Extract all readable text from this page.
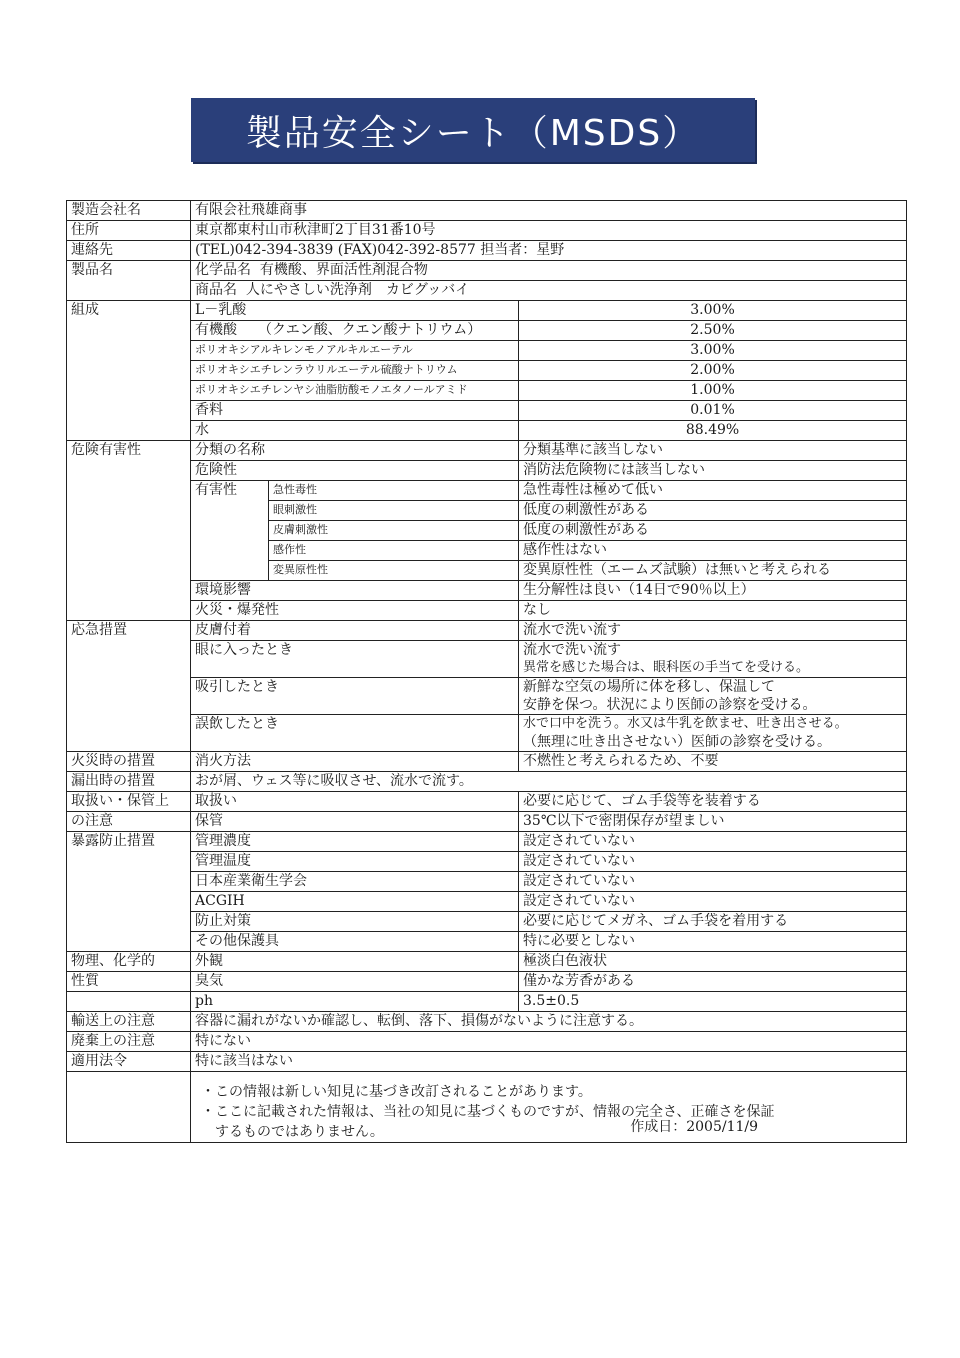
製品安全シート（MSDS）
製造会社名	有限会社飛雄商事		
住所	東京都東村山市秋津町2丁目31番10号		
連絡先	(TEL)042-394-3839 (FAX)042-392-8577 担当者：星野		
製品名	化学品名 有機酸、界面活性剤混合物		
	商品名 人にやさしい洗浄剤　カビグッバイ		
組成	L－乳酸		3.00%
	有機酸　　（クエン酸、クエン酸ナトリウム）		2.50%
	ポリオキシアルキレンモノアルキルエーテル		3.00%
	ポリオキシエチレンラウリルエーテル硫酸ナトリウム		2.00%
	ポリオキシエチレンヤシ油脂肪酸モノエタノールアミド		1.00%
	香料		0.01%
	水		88.49%
危険有害性	分類の名称		分類基準に該当しない
	危険性		消防法危険物には該当しない
	有害性	急性毒性	急性毒性は極めて低い
		眼刺激性	低度の刺激性がある
		皮膚刺激性	低度の刺激性がある
		感作性	感作性はない
		変異原性性	変異原性性（エームズ試験）は無いと考えられる
	環境影響		生分解性は良い（14日で90％以上）
	火災・爆発性		なし
応急措置	皮膚付着		流水で洗い流す
	眼に入ったとき		流水で洗い流す
異常を感じた場合は、眼科医の手当てを受ける。

	吸引したとき		新鮮な空気の場所に体を移し、保温して
安静を保つ。状況により医師の診察を受ける。

	誤飲したとき		水で口中を洗う。水又は牛乳を飲ませ、吐き出させる。
（無理に吐き出させない）医師の診察を受ける。

火災時の措置	消火方法		不燃性と考えられるため、不要
漏出時の措置	おが屑、ウェス等に吸収させ、流水で流す。		
取扱い・保管上	取扱い		必要に応じて、ゴム手袋等を装着する
の注意	保管		35℃以下で密閉保存が望ましい
暴露防止措置	管理濃度		設定されていない
	管理温度		設定されていない
	日本産業衛生学会		設定されていない
	ACGIH		設定されていない
	防止対策		必要に応じてメガネ、ゴム手袋を着用する
	その他保護具		特に必要としない
物理、化学的	外観		極淡白色液状
性質	臭気		僅かな芳香がある
	ph		3.5±0.5
輸送上の注意	容器に漏れがないか確認し、転倒、落下、損傷がないように注意する。		
廃棄上の注意	特にない		
適用法令	特に該当はない		

	・この情報は新しい知見に基づき改訂されることがあります。

・ここに記載された情報は、当社の知見に基づくものですが、情報の完全さ、正確さを保証

するものではありません。 作成日：2005/11/9		
